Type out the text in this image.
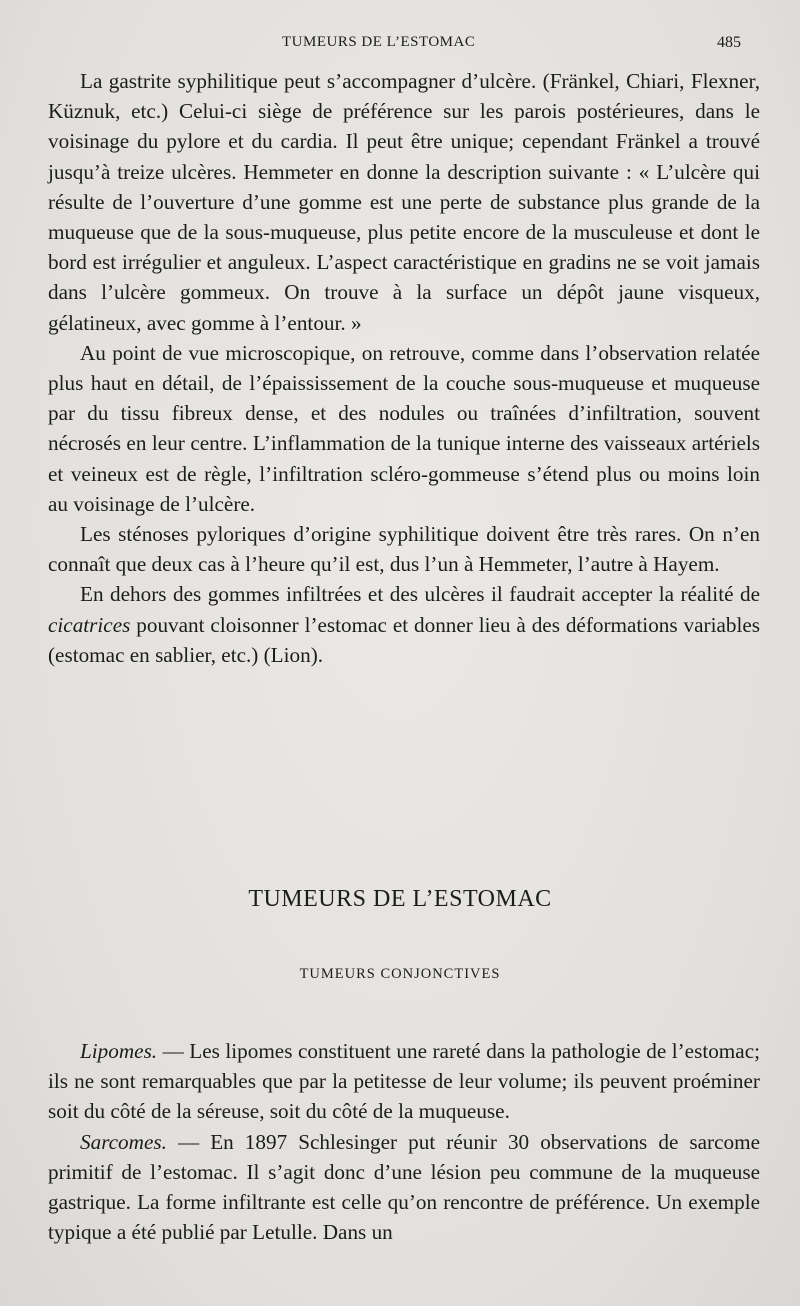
TUMEURS DE L’ESTOMAC	485

La gastrite syphilitique peut s’accompagner d’ulcère. (Fränkel, Chiari, Flexner, Küznuk, etc.) Celui-ci siège de préférence sur les parois postérieures, dans le voisinage du pylore et du cardia. Il peut être unique; cependant Fränkel a trouvé jusqu’à treize ulcères. Hemmeter en donne la description suivante : « L’ulcère qui résulte de l’ouverture d’une gomme est une perte de substance plus grande de la muqueuse que de la sous-muqueuse, plus petite encore de la musculeuse et dont le bord est irrégulier et anguleux. L’aspect caractéristique en gradins ne se voit jamais dans l’ulcère gommeux. On trouve à la surface un dépôt jaune visqueux, gélatineux, avec gomme à l’entour. »

Au point de vue microscopique, on retrouve, comme dans l’observation relatée plus haut en détail, de l’épaississement de la couche sous-muqueuse et muqueuse par du tissu fibreux dense, et des nodules ou traînées d’infiltration, souvent nécrosés en leur centre. L’inflammation de la tunique interne des vaisseaux artériels et veineux est de règle, l’infiltration scléro-gommeuse s’étend plus ou moins loin au voisinage de l’ulcère.

Les sténoses pyloriques d’origine syphilitique doivent être très rares. On n’en connaît que deux cas à l’heure qu’il est, dus l’un à Hemmeter, l’autre à Hayem.

En dehors des gommes infiltrées et des ulcères il faudrait accepter la réalité de cicatrices pouvant cloisonner l’estomac et donner lieu à des déformations variables (estomac en sablier, etc.) (Lion).

TUMEURS DE L’ESTOMAC
TUMEURS CONJONCTIVES

Lipomes. — Les lipomes constituent une rareté dans la pathologie de l’estomac; ils ne sont remarquables que par la petitesse de leur volume; ils peuvent proéminer soit du côté de la séreuse, soit du côté de la muqueuse.

Sarcomes. — En 1897 Schlesinger put réunir 30 observations de sarcome primitif de l’estomac. Il s’agit donc d’une lésion peu commune de la muqueuse gastrique. La forme infiltrante est celle qu’on rencontre de préférence. Un exemple typique a été publié par Letulle. Dans un
